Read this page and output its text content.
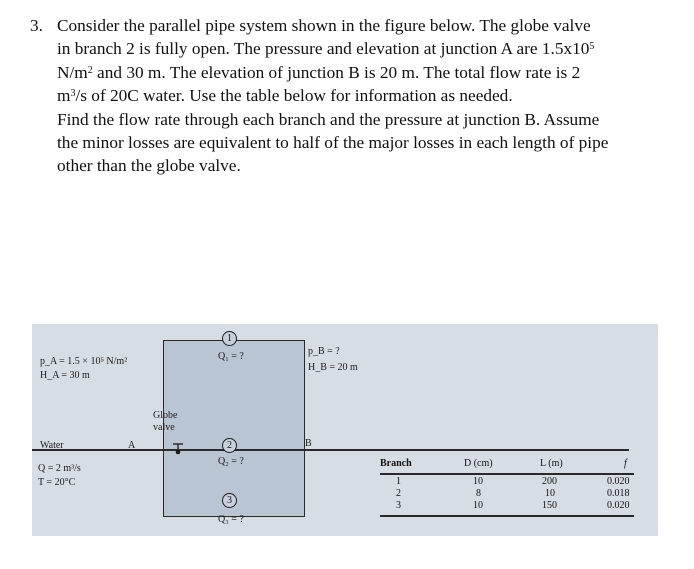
3. Consider the parallel pipe system shown in the figure below. The globe valve
in branch 2 is fully open. The pressure and elevation at junction A are $1.5x10^5$
$N/m^2$ and 30 m. The elevation of junction B is 20 m. The total flow rate is 2
$m^3/s$ of 20C water. Use the table below for information as needed.
Find the flow rate through each branch and the pressure at junction B. Assume
the minor losses are equivalent to half of the major losses in each length of pipe
other than the globe valve.
p_A = 1.5 × 10⁵ N/m²
H_A = 30 m
1
Q₁ = ?	p_B = ?
H_B = 20 m
Globe
valve
Water	A	B
2
Q₂ = ?
Q = 2 m³/s
T = 20°C
3
Q₃ = ?
Branch	D (cm)	L (m)	f
1	10	200	0.020
2	8	10	0.018
3	10	150	0.020
